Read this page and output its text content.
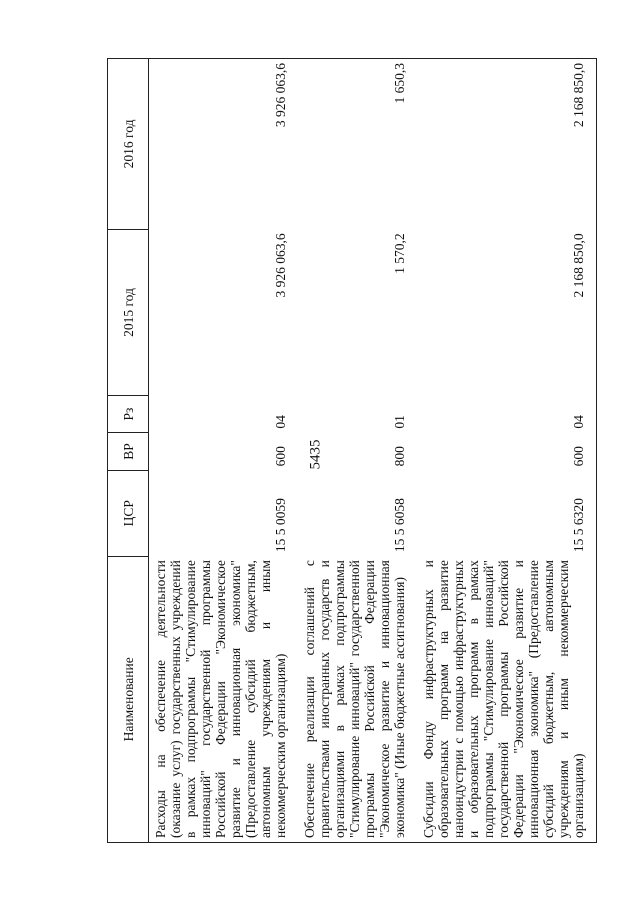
5435
Наименование	ЦСР	ВР	Рз	2015 год	2016 год
Расходы на обеспечение деятельности (оказание услуг) государственных учреждений в рамках подпрограммы "Стимулирование инноваций" государственной программы Российской Федерации "Экономическое развитие и инновационная экономика" (Предоставление субсидий бюджетным, автономным учреждениям и иным некоммерческим организациям)	15 5 0059	600	04	3 926 063,6	3 926 063,6
Обеспечение реализации соглашений с правительствами иностранных государств и организациями в рамках подпрограммы "Стимулирование инноваций" государственной программы Российской Федерации "Экономическое развитие и инновационная экономика" (Иные бюджетные ассигнования)	15 5 6058	800	01	1 570,2	1 650,3
Субсидии Фонду инфраструктурных и образовательных программ на развитие наноиндустрии с помощью инфраструктурных и образовательных программ в рамках подпрограммы "Стимулирование инноваций" государственной программы Российской Федерации "Экономическое развитие и инновационная экономика" (Предоставление субсидий бюджетным, автономным учреждениям и иным некоммерческим организациям)	15 5 6320	600	04	2 168 850,0	2 168 850,0
